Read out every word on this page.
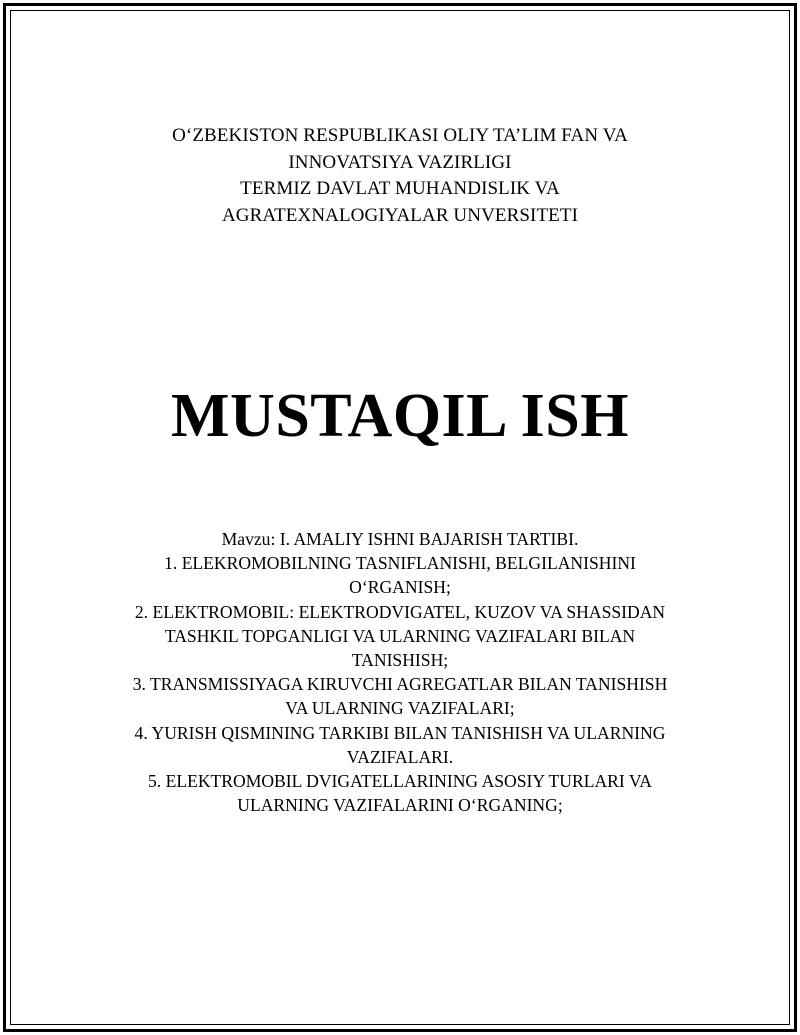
O‘ZBEKISTON RESPUBLIKASI OLIY TA’LIM FAN VA
INNOVATSIYA VAZIRLIGI
TERMIZ DAVLAT MUHANDISLIK VA
AGRATEXNALOGIYALAR UNVERSITETI
MUSTAQIL ISH
Mavzu: I. AMALIY ISHNI BAJARISH TARTIBI.
1. ELEKROMOBILNING TASNIFLANISHI, BELGILANISHINI
O‘RGANISH;
2. ELEKTROMOBIL: ELEKTRODVIGATEL, KUZOV VA SHASSIDAN
TASHKIL TOPGANLIGI VA ULARNING VAZIFALARI BILAN
TANISHISH;
3. TRANSMISSIYAGA KIRUVCHI AGREGATLAR BILAN TANISHISH
VA ULARNING VAZIFALARI;
4. YURISH QISMINING TARKIBI BILAN TANISHISH VA ULARNING
VAZIFALARI.
5. ELEKTROMOBIL DVIGATELLARINING ASOSIY TURLARI VA
ULARNING VAZIFALARINI O‘RGANING;
